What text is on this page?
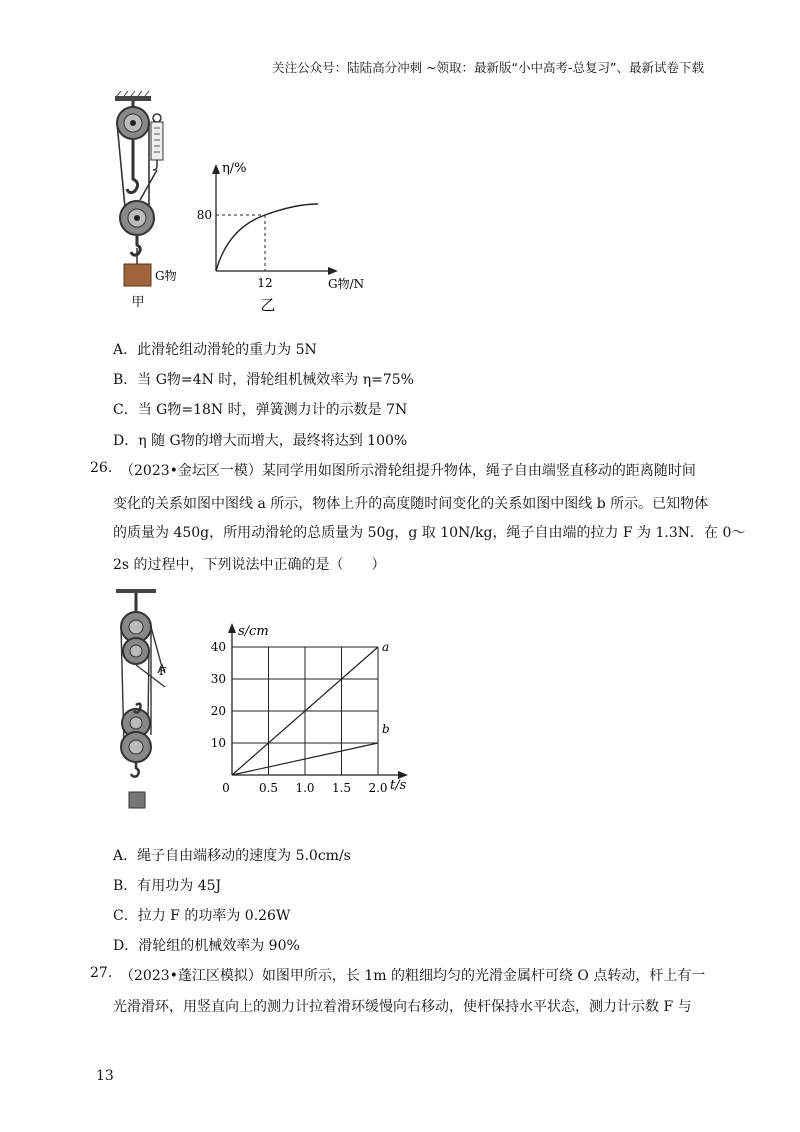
关注公众号：陆陆高分冲刺 ~领取：最新版“小中高考-总复习”、最新试卷下载
G物
甲
η/%
G物/N
80
12
乙
A．此滑轮组动滑轮的重力为 5N
B．当 G物=4N 时，滑轮组机械效率为 η=75%
C．当 G物=18N 时，弹簧测力计的示数是 7N
D．η 随 G物的增大而增大，最终将达到 100%
26. （2023•金坛区一模）某同学用如图所示滑轮组提升物体，绳子自由端竖直移动的距离随时间
变化的关系如图中图线 a 所示，物体上升的高度随时间变化的关系如图中图线 b 所示。已知物体
的质量为 450g，所用动滑轮的总质量为 50g，g 取 10N/kg，绳子自由端的拉力 F 为 1.3N．在 0～
2s 的过程中，下列说法中正确的是（　　）
F
s/cm
t/s
0 0.5 1.0 1.5 2.0
10
20
30
40	a
b
A．绳子自由端移动的速度为 5.0cm/s
B．有用功为 45J
C．拉力 F 的功率为 0.26W
D．滑轮组的机械效率为 90%
27. （2023•蓬江区模拟）如图甲所示，长 1m 的粗细均匀的光滑金属杆可绕 O 点转动，杆上有一
光滑滑环，用竖直向上的测力计拉着滑环缓慢向右移动，使杆保持水平状态，测力计示数 F 与
13
